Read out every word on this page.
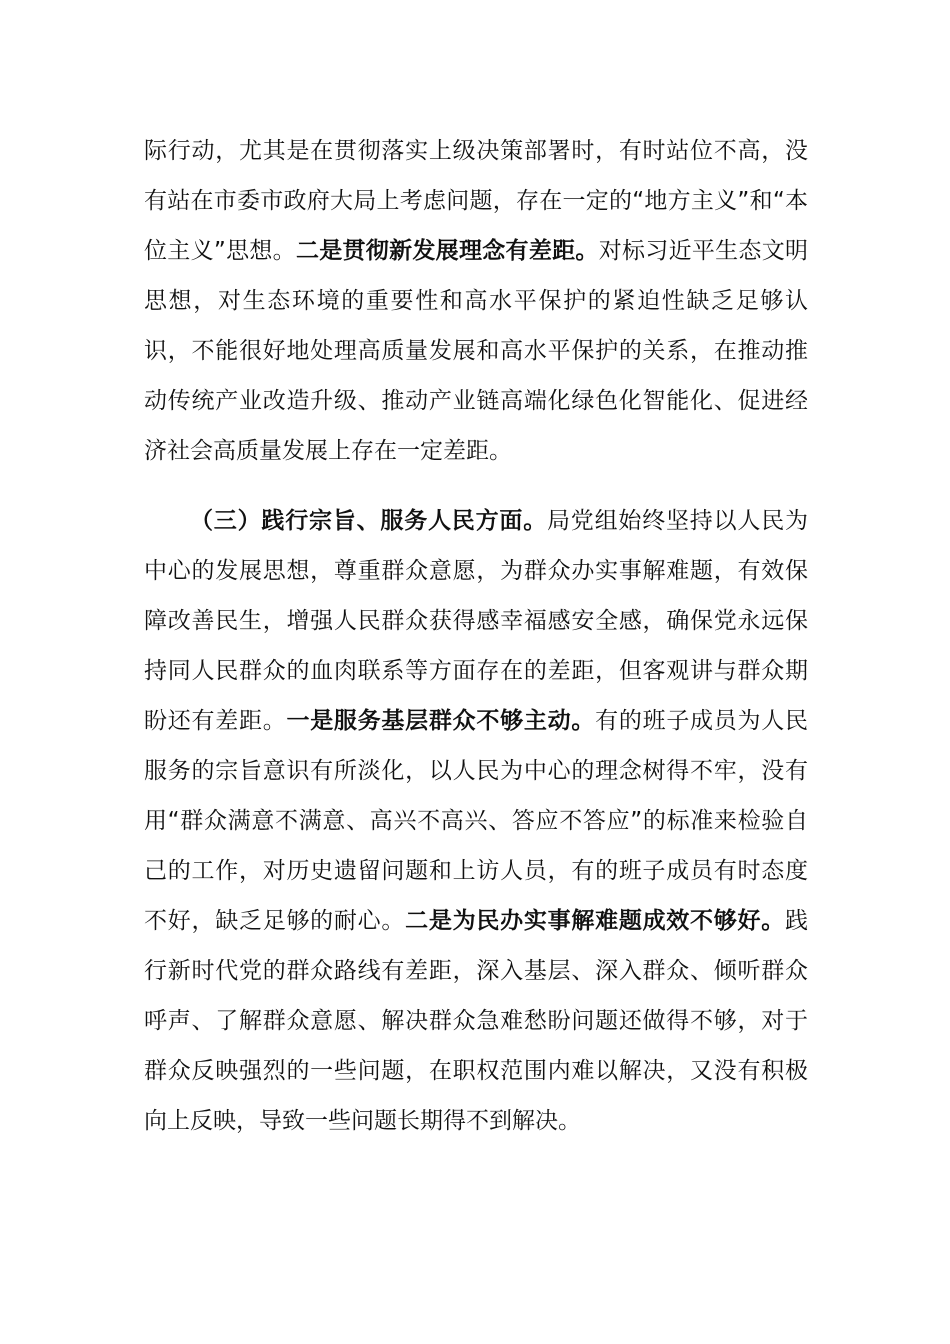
际行动，尤其是在贯彻落实上级决策部署时，有时站位不高，没有站在市委市政府大局上考虑问题，存在一定的“地方主义”和“本位主义”思想。二是贯彻新发展理念有差距。对标习近平生态文明思想，对生态环境的重要性和高水平保护的紧迫性缺乏足够认识，不能很好地处理高质量发展和高水平保护的关系，在推动推动传统产业改造升级、推动产业链高端化绿色化智能化、促进经济社会高质量发展上存在一定差距。

（三）践行宗旨、服务人民方面。局党组始终坚持以人民为中心的发展思想，尊重群众意愿，为群众办实事解难题，有效保障改善民生，增强人民群众获得感幸福感安全感，确保党永远保持同人民群众的血肉联系等方面存在的差距，但客观讲与群众期盼还有差距。一是服务基层群众不够主动。有的班子成员为人民服务的宗旨意识有所淡化，以人民为中心的理念树得不牢，没有用“群众满意不满意、高兴不高兴、答应不答应”的标准来检验自己的工作，对历史遗留问题和上访人员，有的班子成员有时态度不好，缺乏足够的耐心。二是为民办实事解难题成效不够好。践行新时代党的群众路线有差距，深入基层、深入群众、倾听群众呼声、了解群众意愿、解决群众急难愁盼问题还做得不够，对于群众反映强烈的一些问题，在职权范围内难以解决，又没有积极向上反映，导致一些问题长期得不到解决。
